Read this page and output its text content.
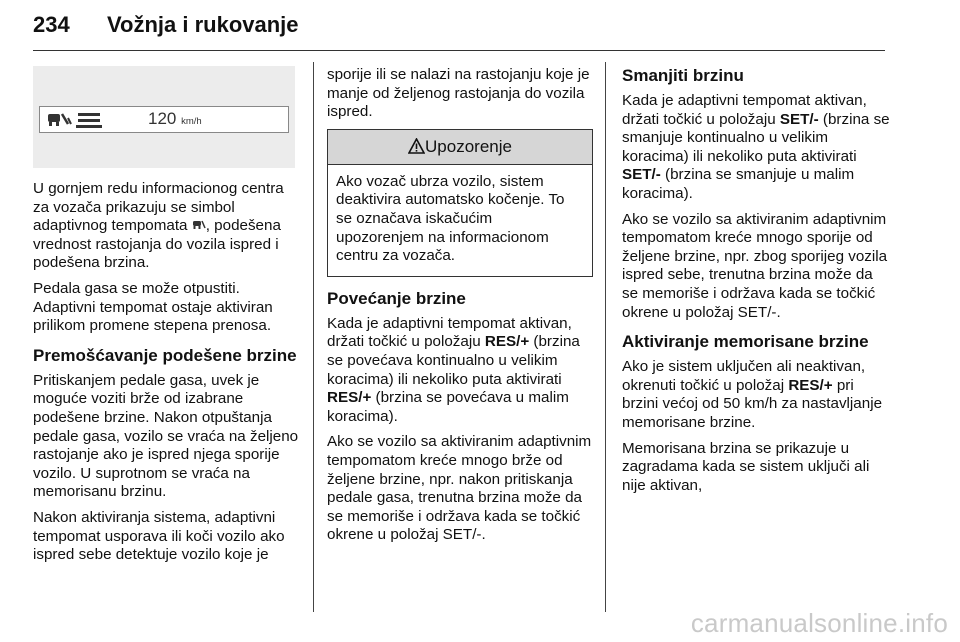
234 Vožnja i rukovanje
120 km/h

U gornjem redu informacionog centra za vozača prikazuju se simbol adaptivnog tempomata , podešena vrednost rastojanja do vozila ispred i podešena brzina.

Pedala gasa se može otpustiti. Adaptivni tempomat ostaje aktiviran prilikom promene stepena prenosa.

Premošćavanje podešene brzine

Pritiskanjem pedale gasa, uvek je moguće voziti brže od izabrane podešene brzine. Nakon otpuštanja pedale gasa, vozilo se vraća na željeno rastojanje ako je ispred njega sporije vozilo. U suprotnom se vraća na memorisanu brzinu.

Nakon aktiviranja sistema, adaptivni tempomat usporava ili koči vozilo ako ispred sebe detektuje vozilo koje je

sporije ili se nalazi na rastojanju koje je manje od željenog rastojanja do vozila ispred.

Upozorenje
Ako vozač ubrza vozilo, sistem deaktivira automatsko kočenje. To se označava iskačućim upozorenjem na informacionom centru za vozača.
Povećanje brzine

Kada je adaptivni tempomat aktivan, držati točkić u položaju RES/+ (brzina se povećava kontinualno u velikim koracima) ili nekoliko puta aktivirati RES/+ (brzina se povećava u malim koracima).

Ako se vozilo sa aktiviranim adaptivnim tempomatom kreće mnogo brže od željene brzine, npr. nakon pritiskanja pedale gasa, trenutna brzina može da se memoriše i održava kada se točkić okrene u položaj SET/-.

Smanjiti brzinu

Kada je adaptivni tempomat aktivan, držati točkić u položaju SET/- (brzina se smanjuje kontinualno u velikim koracima) ili nekoliko puta aktivirati SET/- (brzina se smanjuje u malim koracima).

Ako se vozilo sa aktiviranim adaptivnim tempomatom kreće mnogo sporije od željene brzine, npr. zbog sporijeg vozila ispred sebe, trenutna brzina može da se memoriše i održava kada se točkić okrene u položaj SET/-.

Aktiviranje memorisane brzine

Ako je sistem uključen ali neaktivan, okrenuti točkić u položaj RES/+ pri brzini većoj od 50 km/h za nastavljanje memorisane brzine.

Memorisana brzina se prikazuje u zagradama kada se sistem uključi ali nije aktivan,

carmanualsonline.info
